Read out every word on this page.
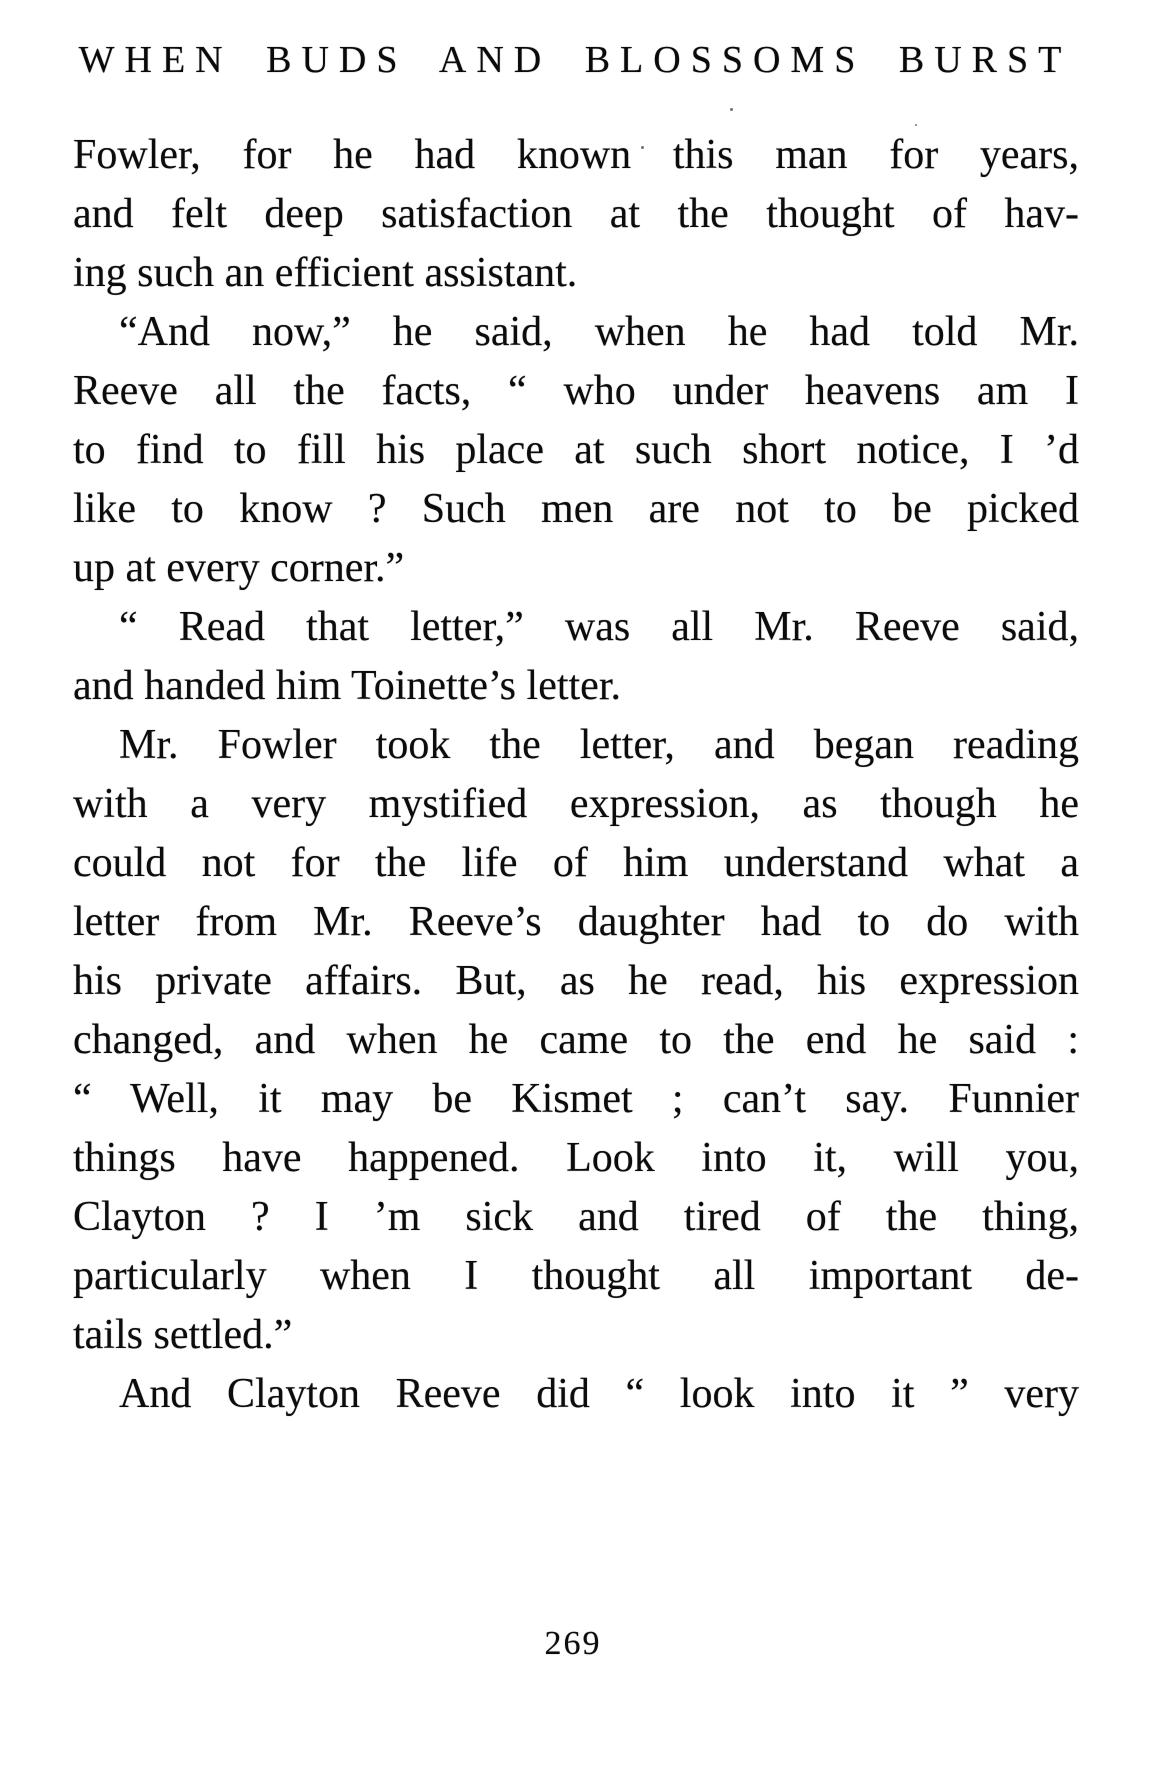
WHEN BUDS AND BLOSSOMS BURST
Fowler, for he had known this man for years,
and felt deep satisfaction at the thought of hav-
ing such an efficient assistant.
“And now,” he said, when he had told Mr.
Reeve all the facts, “ who under heavens am I
to find to fill his place at such short notice, I ’d
like to know ? Such men are not to be picked
up at every corner.”
“ Read that letter,” was all Mr. Reeve said,
and handed him Toinette’s letter.
Mr. Fowler took the letter, and began reading
with a very mystified expression, as though he
could not for the life of him understand what a
letter from Mr. Reeve’s daughter had to do with
his private affairs. But, as he read, his expression
changed, and when he came to the end he said :
“ Well, it may be Kismet ; can’t say. Funnier
things have happened. Look into it, will you,
Clayton ? I ’m sick and tired of the thing,
particularly when I thought all important de-
tails settled.”
And Clayton Reeve did “ look into it ” very
269
